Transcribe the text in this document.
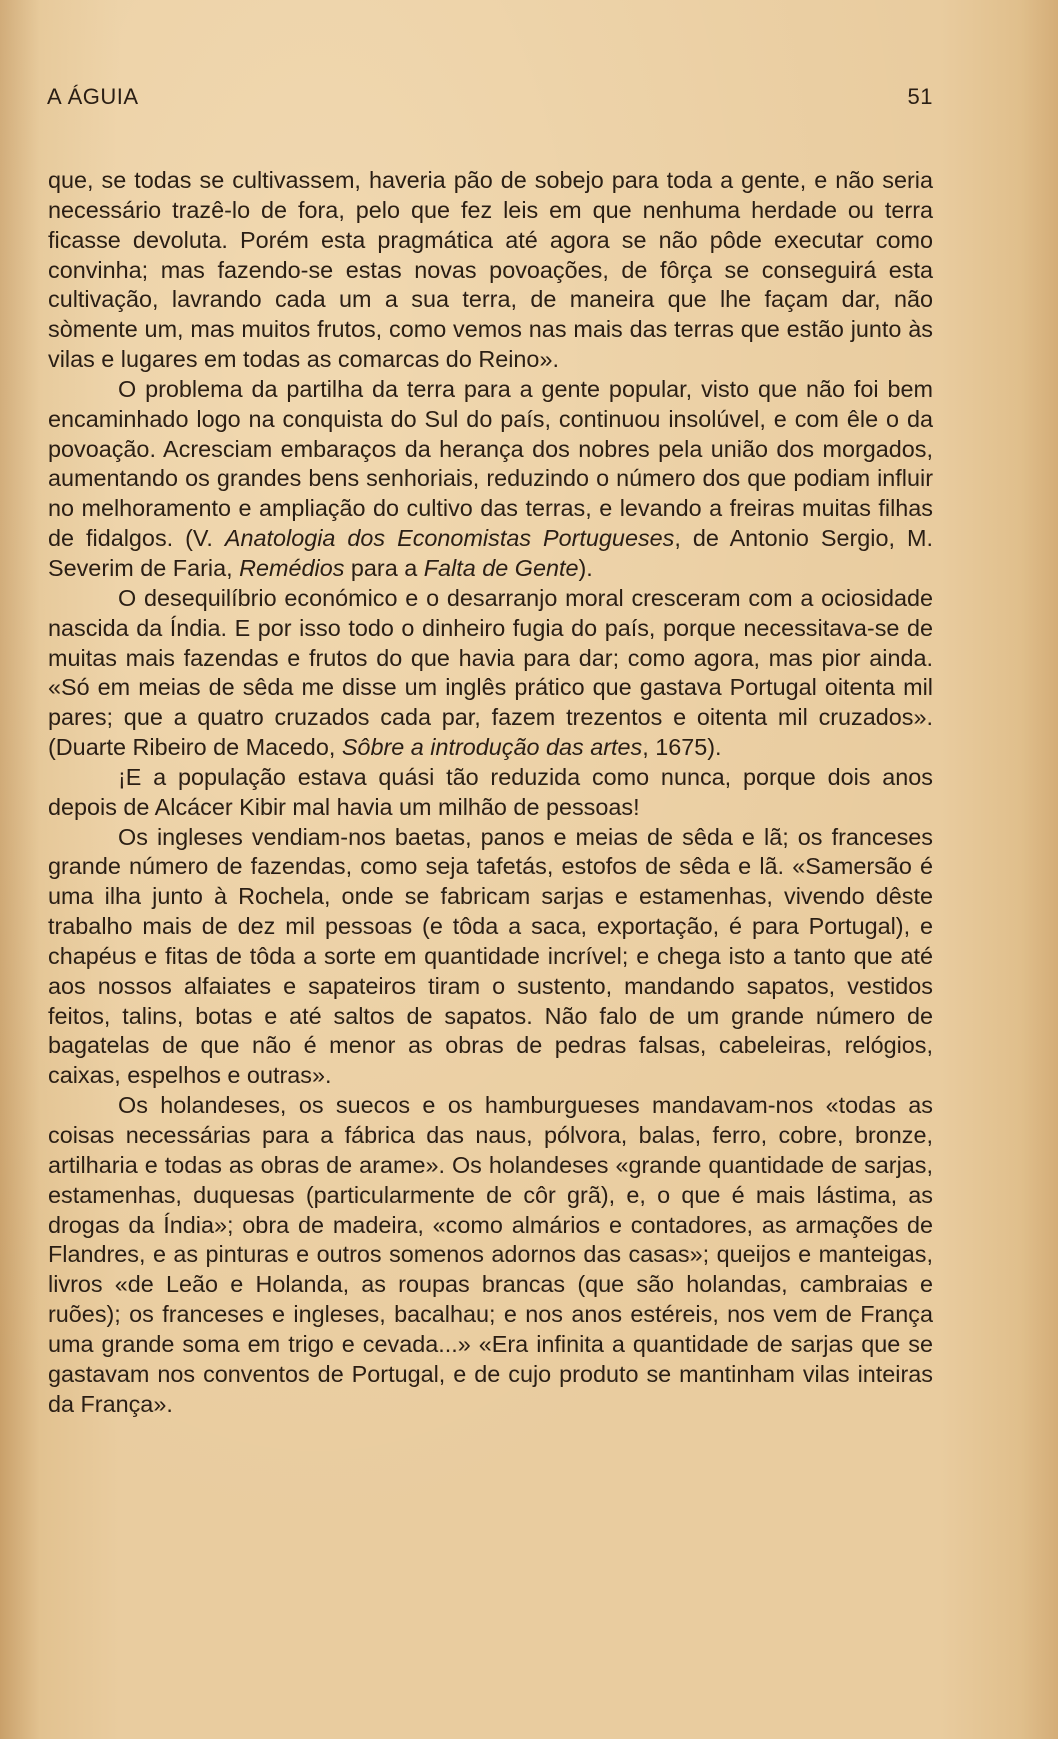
A ÁGUIA	51

que, se todas se cultivassem, haveria pão de sobejo para toda a gente, e não seria necessário trazê-lo de fora, pelo que fez leis em que nenhuma herdade ou terra ficasse devoluta. Porém esta pragmática até agora se não pôde executar como convinha; mas fazendo-se estas novas povoações, de fôrça se conseguirá esta cultivação, lavrando cada um a sua terra, de maneira que lhe façam dar, não sòmente um, mas muitos frutos, como vemos nas mais das terras que estão junto às vilas e lugares em todas as comarcas do Reino».

O problema da partilha da terra para a gente popular, visto que não foi bem encaminhado logo na conquista do Sul do país, continuou insolúvel, e com êle o da povoação. Acresciam embaraços da herança dos nobres pela união dos morgados, aumentando os grandes bens senhoriais, reduzindo o número dos que podiam influir no melhoramento e ampliação do cultivo das terras, e levando a freiras muitas filhas de fidalgos. (V. Anatologia dos Economistas Portugueses, de Antonio Sergio, M. Severim de Faria, Remédios para a Falta de Gente).

O desequilíbrio económico e o desarranjo moral cresceram com a ociosidade nascida da Índia. E por isso todo o dinheiro fugia do país, porque necessitava-se de muitas mais fazendas e frutos do que havia para dar; como agora, mas pior ainda. «Só em meias de sêda me disse um inglês prático que gastava Portugal oitenta mil pares; que a quatro cruzados cada par, fazem trezentos e oitenta mil cruzados». (Duarte Ribeiro de Macedo, Sôbre a introdução das artes, 1675).

¡E a população estava quási tão reduzida como nunca, porque dois anos depois de Alcácer Kibir mal havia um milhão de pessoas!

Os ingleses vendiam-nos baetas, panos e meias de sêda e lã; os franceses grande número de fazendas, como seja tafetás, estofos de sêda e lã. «Samersão é uma ilha junto à Rochela, onde se fabricam sarjas e estamenhas, vivendo dêste trabalho mais de dez mil pessoas (e tôda a saca, exportação, é para Portugal), e chapéus e fitas de tôda a sorte em quantidade incrível; e chega isto a tanto que até aos nossos alfaiates e sapateiros tiram o sustento, mandando sapatos, vestidos feitos, talins, botas e até saltos de sapatos. Não falo de um grande número de bagatelas de que não é menor as obras de pedras falsas, cabeleiras, relógios, caixas, espelhos e outras».

Os holandeses, os suecos e os hamburgueses mandavam-nos «todas as coisas necessárias para a fábrica das naus, pólvora, balas, ferro, cobre, bronze, artilharia e todas as obras de arame». Os holandeses «grande quantidade de sarjas, estamenhas, duquesas (particularmente de côr grã), e, o que é mais lástima, as drogas da Índia»; obra de madeira, «como almários e contadores, as armações de Flandres, e as pinturas e outros somenos adornos das casas»; queijos e manteigas, livros «de Leão e Holanda, as roupas brancas (que são holandas, cambraias e ruões); os franceses e ingleses, bacalhau; e nos anos estéreis, nos vem de França uma grande soma em trigo e cevada...» «Era infinita a quantidade de sarjas que se gastavam nos conventos de Portugal, e de cujo produto se mantinham vilas inteiras da França».
